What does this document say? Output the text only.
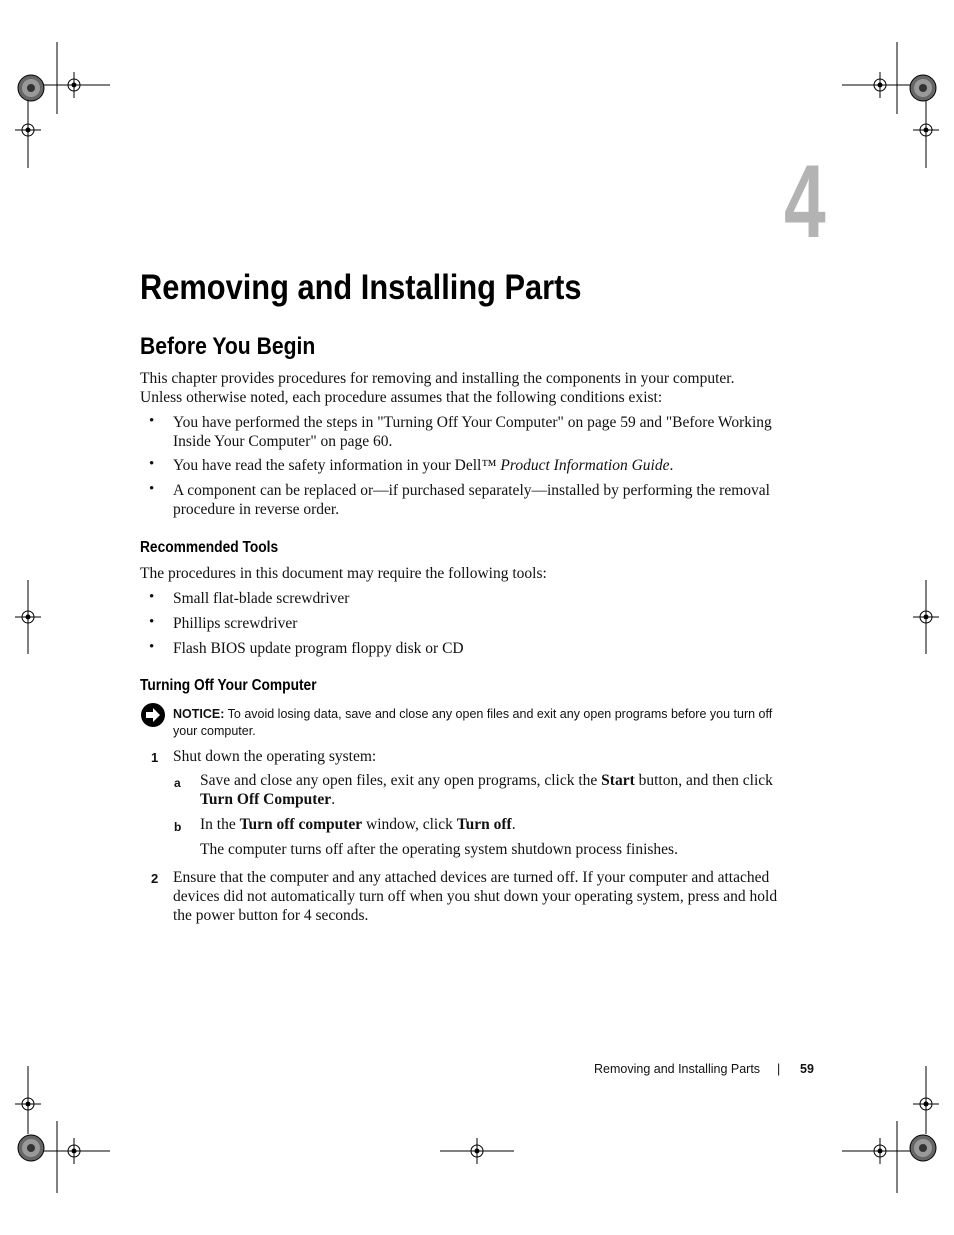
4
Removing and Installing Parts
Before You Begin
This chapter provides procedures for removing and installing the components in your computer. Unless otherwise noted, each procedure assumes that the following conditions exist:
• You have performed the steps in "Turning Off Your Computer" on page 59 and "Before Working Inside Your Computer" on page 60.
• You have read the safety information in your Dell™ Product Information Guide.
• A component can be replaced or—if purchased separately—installed by performing the removal procedure in reverse order.
Recommended Tools
The procedures in this document may require the following tools:
• Small flat-blade screwdriver
• Phillips screwdriver
• Flash BIOS update program floppy disk or CD
Turning Off Your Computer
NOTICE: To avoid losing data, save and close any open files and exit any open programs before you turn off your computer.
1 Shut down the operating system:
a Save and close any open files, exit any open programs, click the Start button, and then click Turn Off Computer.
b In the Turn off computer window, click Turn off.
The computer turns off after the operating system shutdown process finishes.
2 Ensure that the computer and any attached devices are turned off. If your computer and attached devices did not automatically turn off when you shut down your operating system, press and hold the power button for 4 seconds.
Removing and Installing Parts | 59
